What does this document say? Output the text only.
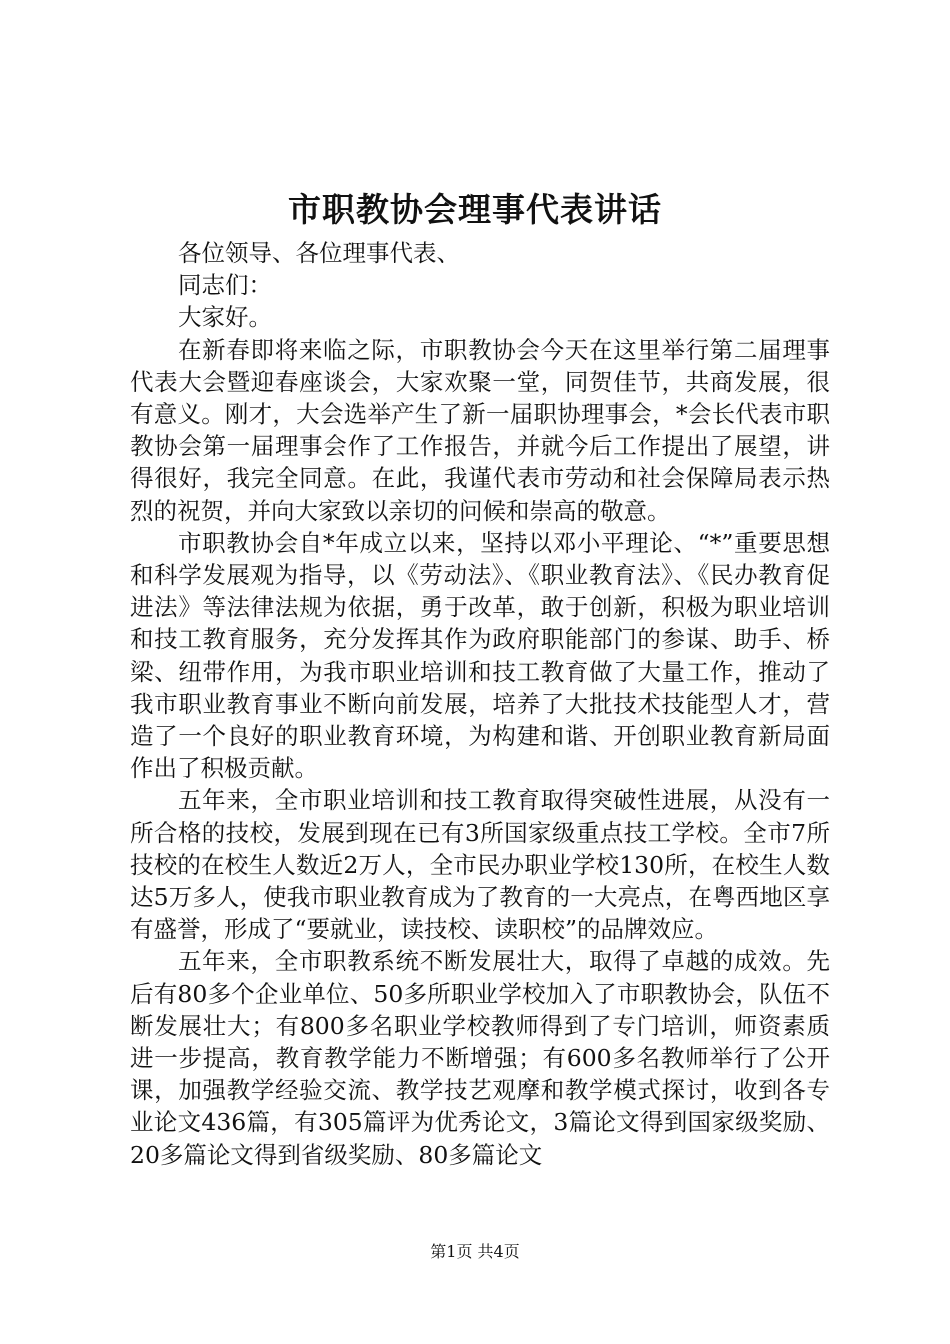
市职教协会理事代表讲话

各位领导、各位理事代表、

同志们：

大家好。

在新春即将来临之际，市职教协会今天在这里举行第二届理事代表大会暨迎春座谈会，大家欢聚一堂，同贺佳节，共商发展，很有意义。刚才，大会选举产生了新一届职协理事会，*会长代表市职教协会第一届理事会作了工作报告，并就今后工作提出了展望，讲得很好，我完全同意。在此，我谨代表市劳动和社会保障局表示热烈的祝贺，并向大家致以亲切的问候和崇高的敬意。

市职教协会自*年成立以来，坚持以邓小平理论、“*”重要思想和科学发展观为指导，以《劳动法》、《职业教育法》、《民办教育促进法》等法律法规为依据，勇于改革，敢于创新，积极为职业培训和技工教育服务，充分发挥其作为政府职能部门的参谋、助手、桥梁、纽带作用，为我市职业培训和技工教育做了大量工作，推动了我市职业教育事业不断向前发展，培养了大批技术技能型人才，营造了一个良好的职业教育环境，为构建和谐、开创职业教育新局面作出了积极贡献。

五年来，全市职业培训和技工教育取得突破性进展，从没有一所合格的技校，发展到现在已有3所国家级重点技工学校。全市7所技校的在校生人数近2万人，全市民办职业学校130所，在校生人数达5万多人，使我市职业教育成为了教育的一大亮点，在粤西地区享有盛誉，形成了“要就业，读技校、读职校”的品牌效应。

五年来，全市职教系统不断发展壮大，取得了卓越的成效。先后有80多个企业单位、50多所职业学校加入了市职教协会，队伍不断发展壮大；有800多名职业学校教师得到了专门培训，师资素质进一步提高，教育教学能力不断增强；有600多名教师举行了公开课，加强教学经验交流、教学技艺观摩和教学模式探讨，收到各专业论文436篇，有305篇评为优秀论文，3篇论文得到国家级奖励、20多篇论文得到省级奖励、80多篇论文

第1页 共4页
